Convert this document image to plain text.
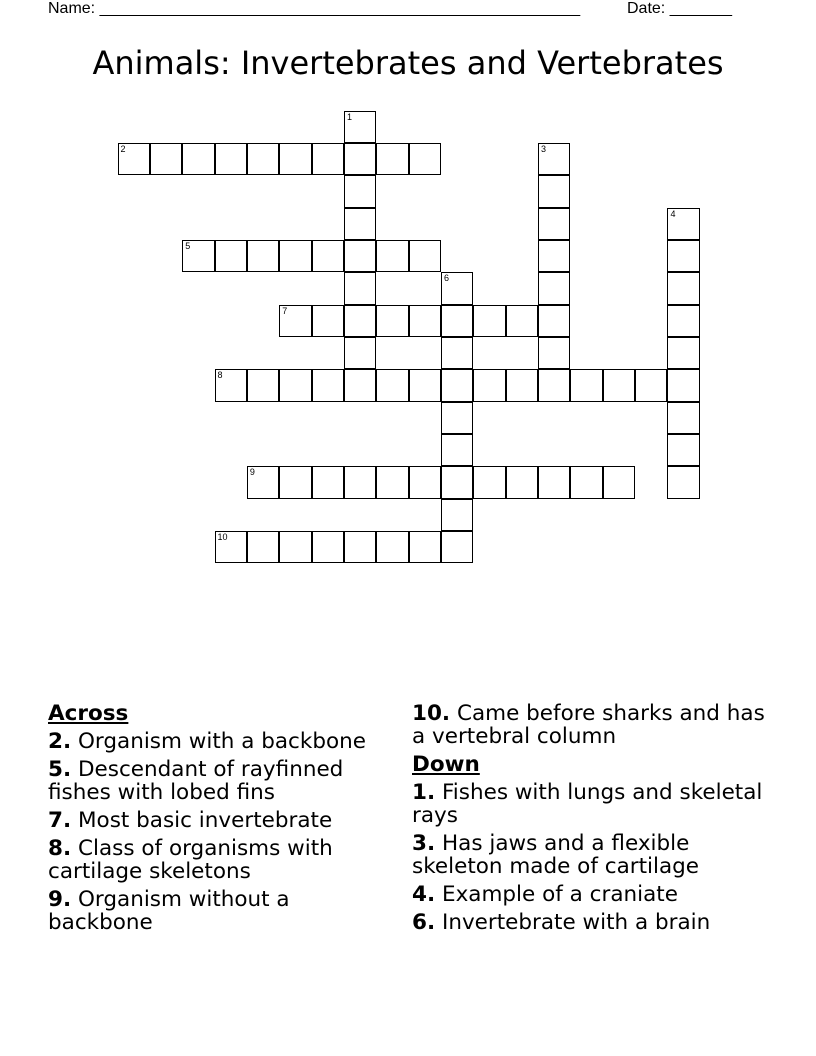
Name: ______________________________________________________	Date: _______
Animals: Invertebrates and Vertebrates
1
2	3
4
5
6
7
8
9
10
Across
2. Organism with a backbone
5. Descendant of rayfinned fishes with lobed fins
7. Most basic invertebrate
8. Class of organisms with cartilage skeletons
9. Organism without a backbone
10. Came before sharks and has a vertebral column
Down
1. Fishes with lungs and skeletal rays
3. Has jaws and a flexible skeleton made of cartilage
4. Example of a craniate
6. Invertebrate with a brain
